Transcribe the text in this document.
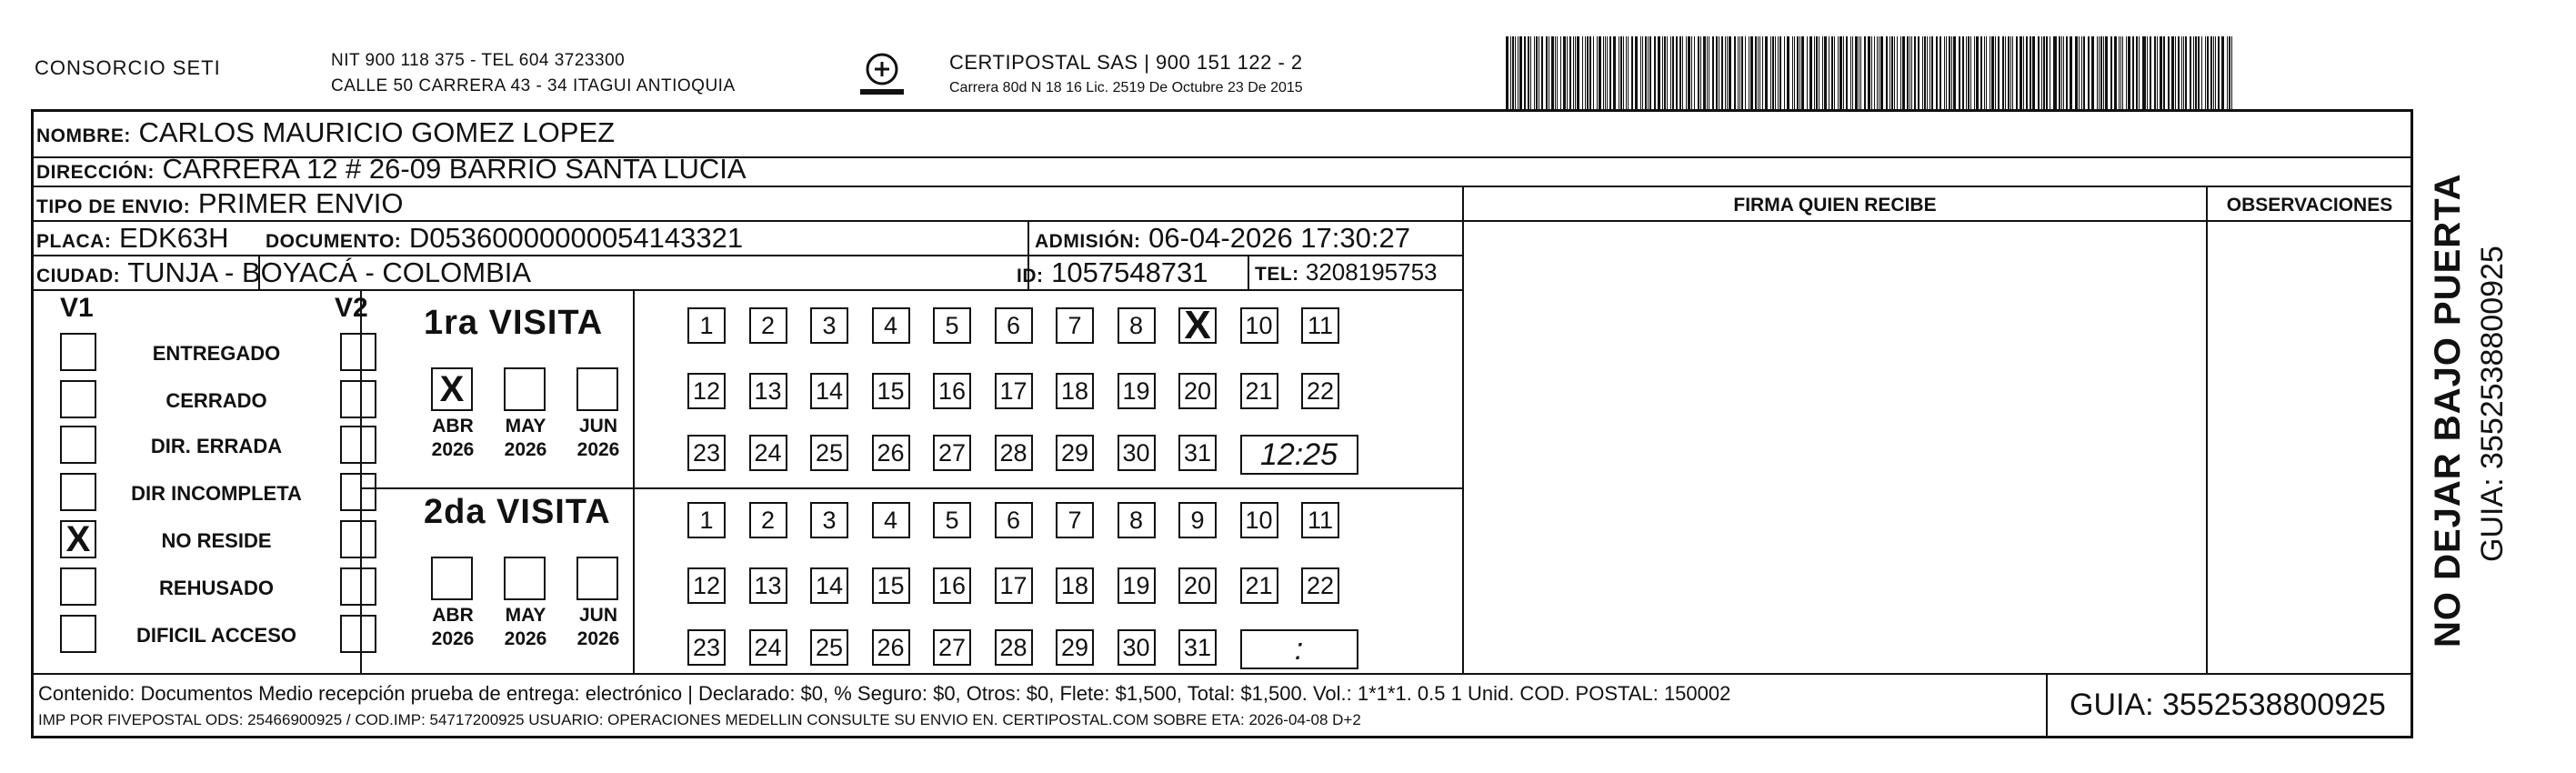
CONSORCIO SETI	NIT 900 118 375 - TEL 604 3723300
CALLE 50 CARRERA 43 - 34 ITAGUI ANTIOQUIA
CERTIPOSTAL SAS | 900 151 122 - 2
Carrera 80d N 18 16 Lic. 2519 De Octubre 23 De 2015
NOMBRE: CARLOS MAURICIO GOMEZ LOPEZ
DIRECCIÓN: CARRERA 12 # 26-09 BARRIO SANTA LUCIA
TIPO DE ENVIO: PRIMER ENVIO	FIRMA QUIEN RECIBE	OBSERVACIONES
PLACA: EDK63H DOCUMENTO: D05360000000054143321	ADMISIÓN: 06-04-2026 17:30:27
CIUDAD: TUNJA - BOYACÁ - COLOMBIA	ID: 1057548731 TEL: 3208195753
V1	V2
ENTREGADO
CERRADO
DIR. ERRADA
DIR INCOMPLETA
X	NO RESIDE
REHUSADO
DIFICIL ACCESO
1ra VISITA
X
ABR
2026
MAY
2026
JUN
2026
1	2	3	4	5	6	7	8	X 10 11
12 13 14 15 16 17 18 19 20 21 22
23 24 25 26 27 28 29 30 31	12:25
2da VISITA
ABR
2026
MAY
2026
JUN
2026
1	2	3	4	5	6	7	8	9	10 11
12 13 14 15 16 17 18 19 20 21 22
23 24 25 26 27 28 29 30 31	:
Contenido: Documentos Medio recepción prueba de entrega: electrónico | Declarado: $0, % Seguro: $0, Otros: $0, Flete: $1,500, Total: $1,500. Vol.: 1*1*1. 0.5 1 Unid. COD. POSTAL: 150002
IMP POR FIVEPOSTAL ODS: 25466900925 / COD.IMP: 54717200925 USUARIO: OPERACIONES MEDELLIN CONSULTE SU ENVIO EN. CERTIPOSTAL.COM SOBRE ETA: 2026-04-08 D+2	GUIA: 3552538800925
NO DEJAR BAJO PUERTA GUIA: 3552538800925
